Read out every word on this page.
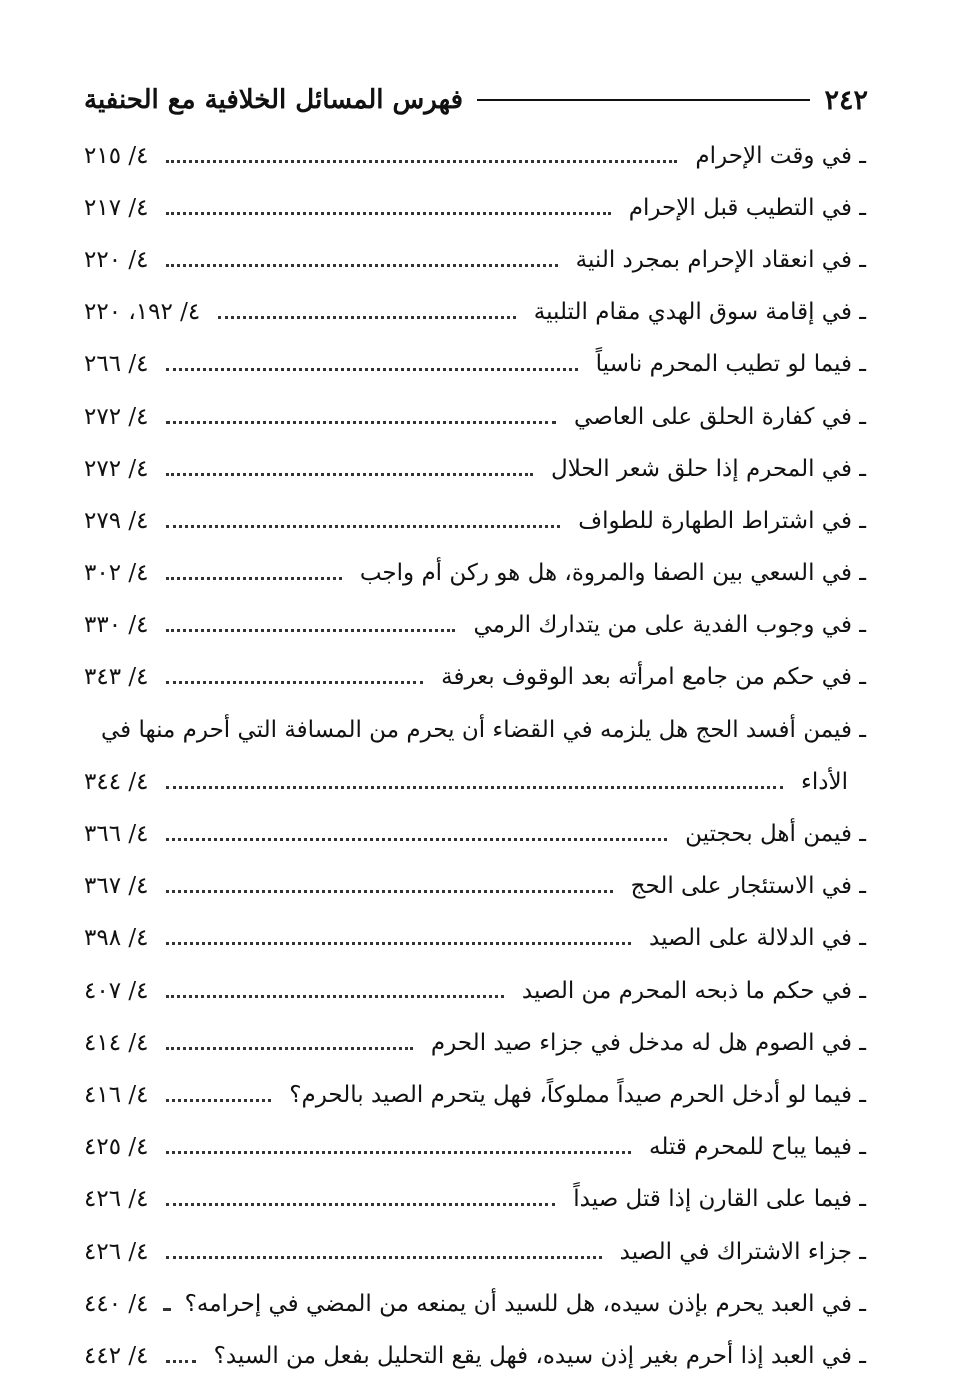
٢٤٢
فهرس المسائل الخلافية مع الحنفية
ـ في وقت الإحرام
٤/ ٢١٥
ـ في التطيب قبل الإحرام
٤/ ٢١٧
ـ في انعقاد الإحرام بمجرد النية
٤/ ٢٢٠
ـ في إقامة سوق الهدي مقام التلبية
٤/ ١٩٢، ٢٢٠
ـ فيما لو تطيب المحرم ناسياً
٤/ ٢٦٦
ـ في كفارة الحلق على العاصي
٤/ ٢٧٢
ـ في المحرم إذا حلق شعر الحلال
٤/ ٢٧٢
ـ في اشتراط الطهارة للطواف
٤/ ٢٧٩
ـ في السعي بين الصفا والمروة، هل هو ركن أم واجب
٤/ ٣٠٢
ـ في وجوب الفدية على من يتدارك الرمي
٤/ ٣٣٠
ـ في حكم من جامع امرأته بعد الوقوف بعرفة
٤/ ٣٤٣
ـ فيمن أفسد الحج هل يلزمه في القضاء أن يحرم من المسافة التي أحرم منها في
الأداء
٤/ ٣٤٤
ـ فيمن أهل بحجتين
٤/ ٣٦٦
ـ في الاستئجار على الحج
٤/ ٣٦٧
ـ في الدلالة على الصيد
٤/ ٣٩٨
ـ في حكم ما ذبحه المحرم من الصيد
٤/ ٤٠٧
ـ في الصوم هل له مدخل في جزاء صيد الحرم
٤/ ٤١٤
ـ فيما لو أدخل الحرم صيداً مملوكاً، فهل يتحرم الصيد بالحرم؟
٤/ ٤١٦
ـ فيما يباح للمحرم قتله
٤/ ٤٢٥
ـ فيما على القارن إذا قتل صيداً
٤/ ٤٢٦
ـ جزاء الاشتراك في الصيد
٤/ ٤٢٦
ـ في العبد يحرم بإذن سيده، هل للسيد أن يمنعه من المضي في إحرامه؟
٤/ ٤٤٠
ـ في العبد إذا أحرم بغير إذن سيده، فهل يقع التحليل بفعل من السيد؟
٤/ ٤٤٢
